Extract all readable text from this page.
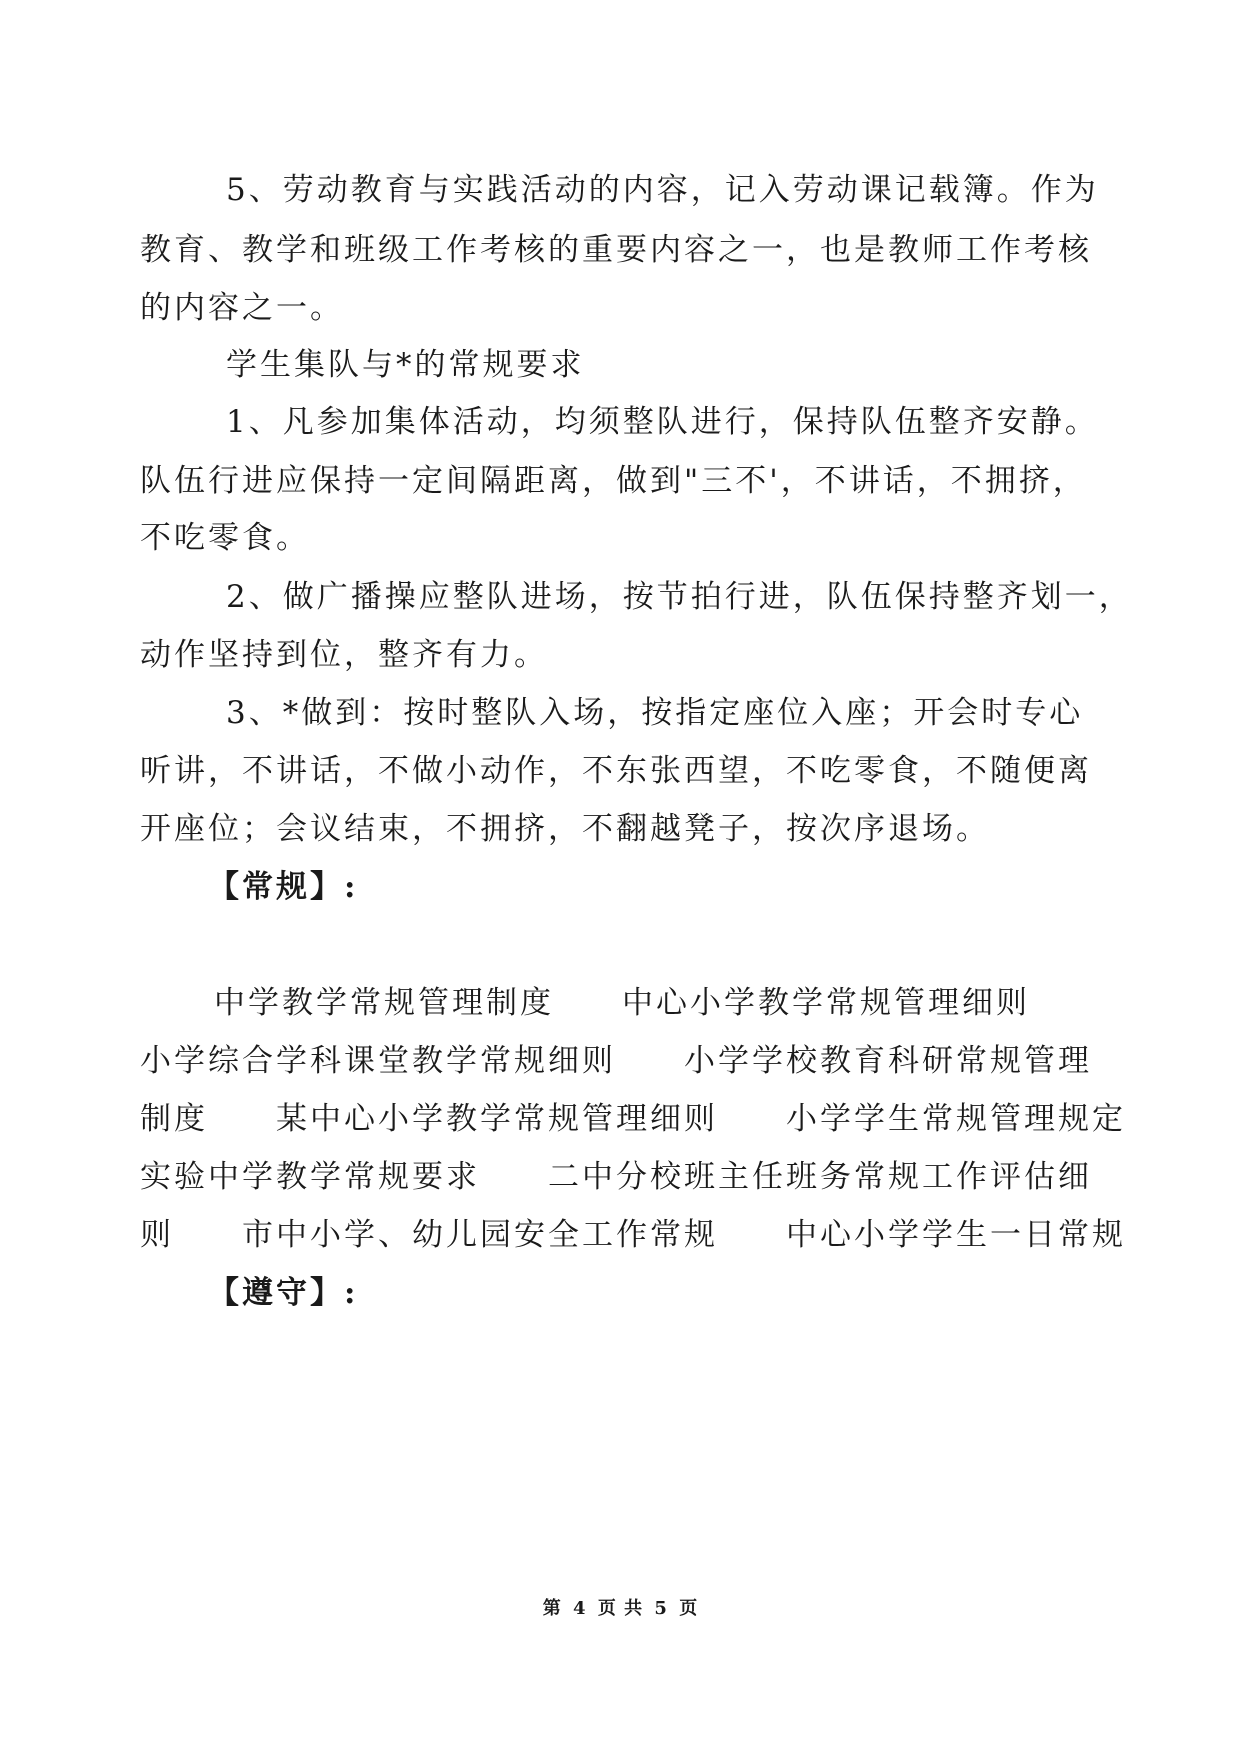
5、劳动教育与实践活动的内容，记入劳动课记载簿。作为
教育、教学和班级工作考核的重要内容之一，也是教师工作考核
的内容之一。
学生集队与*的常规要求
1、凡参加集体活动，均须整队进行，保持队伍整齐安静。
队伍行进应保持一定间隔距离，做到"三不'，不讲话，不拥挤，
不吃零食。
2、做广播操应整队进场，按节拍行进，队伍保持整齐划一，
动作坚持到位，整齐有力。
3、*做到：按时整队入场，按指定座位入座；开会时专心
听讲，不讲话，不做小动作，不东张西望，不吃零食，不随便离
开座位；会议结束，不拥挤，不翻越凳子，按次序退场。
【常规】:
中学教学常规管理制度　　中心小学教学常规管理细则
小学综合学科课堂教学常规细则　　小学学校教育科研常规管理
制度　　某中心小学教学常规管理细则　　小学学生常规管理规定
实验中学教学常规要求　　二中分校班主任班务常规工作评估细
则　　市中小学、幼儿园安全工作常规　　中心小学学生一日常规
【遵守】:
第 4 页 共 5 页
